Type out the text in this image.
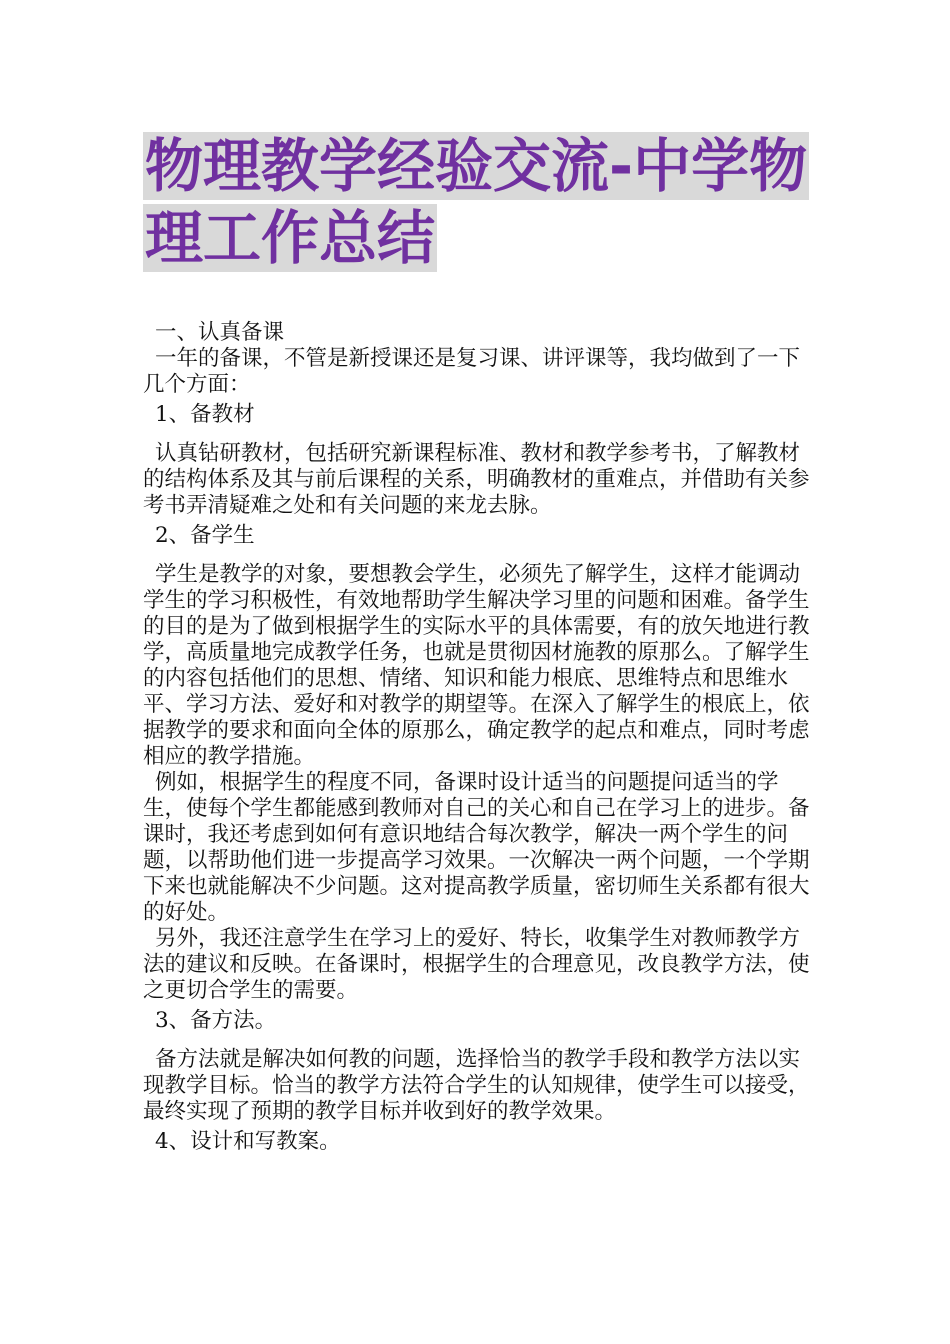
物理教学经验交流-中学物理工作总结

一、认真备课

一年的备课，不管是新授课还是复习课、讲评课等，我均做到了一下几个方面：

1、备教材

认真钻研教材，包括研究新课程标准、教材和教学参考书，了解教材的结构体系及其与前后课程的关系，明确教材的重难点，并借助有关参考书弄清疑难之处和有关问题的来龙去脉。

2、备学生

学生是教学的对象，要想教会学生，必须先了解学生，这样才能调动学生的学习积极性，有效地帮助学生解决学习里的问题和困难。备学生的目的是为了做到根据学生的实际水平的具体需要，有的放矢地进行教学，高质量地完成教学任务，也就是贯彻因材施教的原那么。了解学生的内容包括他们的思想、情绪、知识和能力根底、思维特点和思维水平、学习方法、爱好和对教学的期望等。在深入了解学生的根底上，依据教学的要求和面向全体的原那么，确定教学的起点和难点，同时考虑相应的教学措施。

例如，根据学生的程度不同，备课时设计适当的问题提问适当的学生，使每个学生都能感到教师对自己的关心和自己在学习上的进步。备课时，我还考虑到如何有意识地结合每次教学，解决一两个学生的问题，以帮助他们进一步提高学习效果。一次解决一两个问题，一个学期下来也就能解决不少问题。这对提高教学质量，密切师生关系都有很大的好处。

另外，我还注意学生在学习上的爱好、特长，收集学生对教师教学方法的建议和反映。在备课时，根据学生的合理意见，改良教学方法，使之更切合学生的需要。

3、备方法。

备方法就是解决如何教的问题，选择恰当的教学手段和教学方法以实现教学目标。恰当的教学方法符合学生的认知规律，使学生可以接受，最终实现了预期的教学目标并收到好的教学效果。

4、设计和写教案。
